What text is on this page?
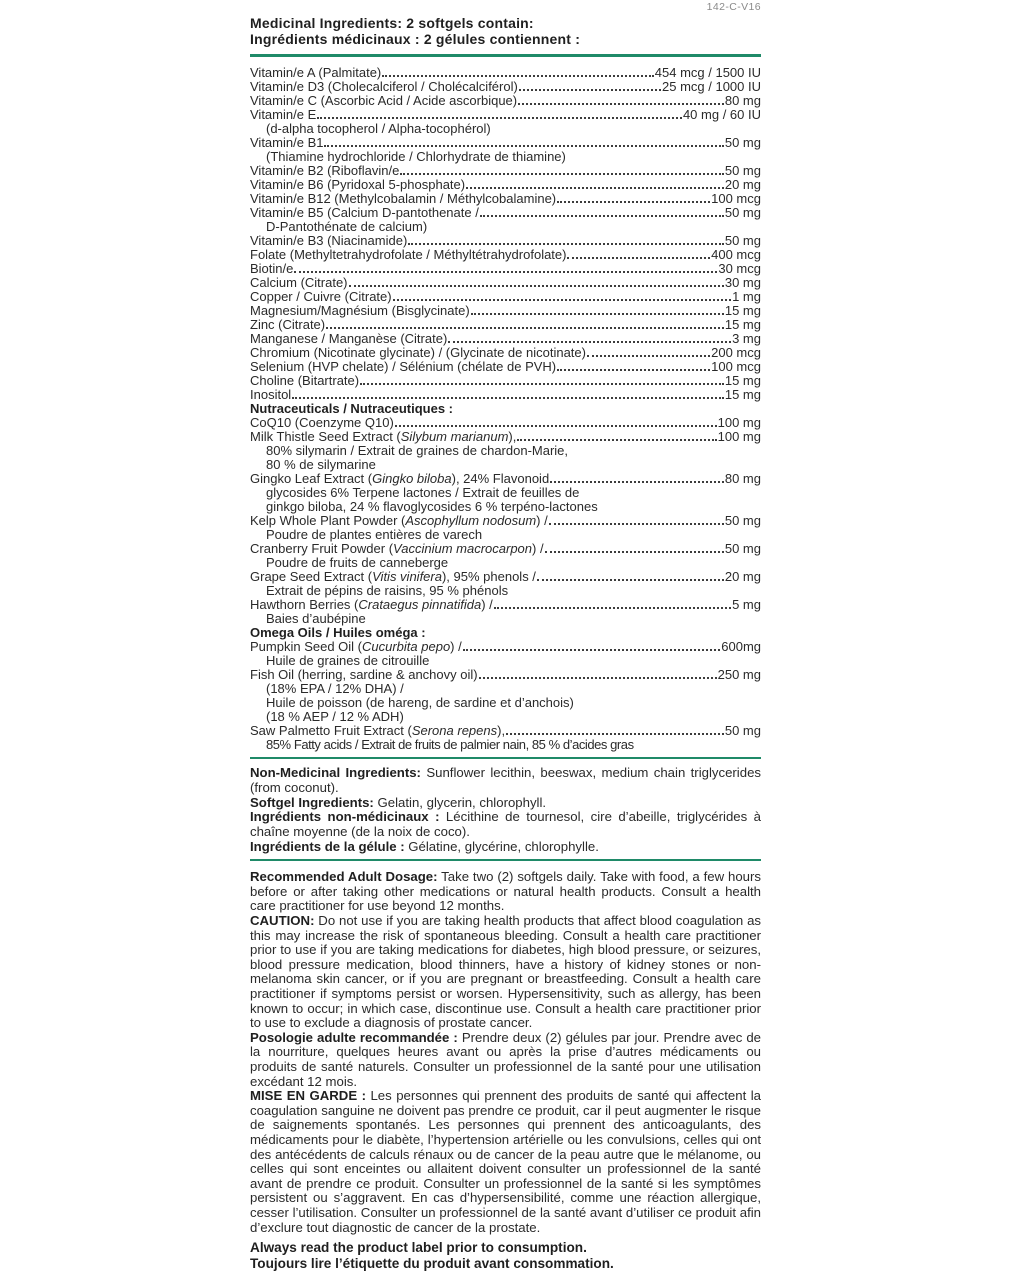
142-C-V16
Medicinal Ingredients: 2 softgels contain:
Ingrédients médicinaux : 2 gélules contiennent :
Vitamin/e A (Palmitate)	454 mcg / 1500 IU
Vitamin/e D3 (Cholecalciferol / Cholécalciférol)	25 mcg / 1000 IU
Vitamin/e C (Ascorbic Acid / Acide ascorbique)	80 mg
Vitamin/e E	40 mg / 60 IU
(d-alpha tocopherol / Alpha-tocophérol)
Vitamin/e B1	50 mg
(Thiamine hydrochloride / Chlorhydrate de thiamine)
Vitamin/e B2 (Riboflavin/e	50 mg
Vitamin/e B6 (Pyridoxal 5-phosphate)	20 mg
Vitamin/e B12 (Methylcobalamin / Méthylcobalamine)	100 mcg
Vitamin/e B5 (Calcium D-pantothenate /	50 mg
D-Pantothénate de calcium)
Vitamin/e B3 (Niacinamide)	50 mg
Folate (Methyltetrahydrofolate / Méthyltétrahydrofolate)	400 mcg
Biotin/e	30 mcg
Calcium (Citrate)	30 mg
Copper / Cuivre (Citrate)	1 mg
Magnesium/Magnésium (Bisglycinate)	15 mg
Zinc (Citrate)	15 mg
Manganese / Manganèse (Citrate)	3 mg
Chromium (Nicotinate glycinate) / (Glycinate de nicotinate)	200 mcg
Selenium (HVP chelate) / Sélénium (chélate de PVH)	100 mcg
Choline (Bitartrate)	15 mg
Inositol	15 mg
Nutraceuticals / Nutraceutiques :
CoQ10 (Coenzyme Q10)	100 mg
Milk Thistle Seed Extract (Silybum marianum),	100 mg
80% silymarin / Extrait de graines de chardon-Marie,
80 % de silymarine
Gingko Leaf Extract (Gingko biloba), 24% Flavonoid	80 mg
glycosides 6% Terpene lactones / Extrait de feuilles de
ginkgo biloba, 24 % flavoglycosides 6 % terpéno-lactones
Kelp Whole Plant Powder (Ascophyllum nodosum) /	50 mg
Poudre de plantes entières de varech
Cranberry Fruit Powder (Vaccinium macrocarpon) /	50 mg
Poudre de fruits de canneberge
Grape Seed Extract (Vitis vinifera), 95% phenols /	20 mg
Extrait de pépins de raisins, 95 % phénols
Hawthorn Berries (Crataegus pinnatifida) /	5 mg
Baies d’aubépine
Omega Oils / Huiles oméga :
Pumpkin Seed Oil (Cucurbita pepo) /	600mg
Huile de graines de citrouille
Fish Oil (herring, sardine & anchovy oil)	250 mg
(18% EPA / 12% DHA) /
Huile de poisson (de hareng, de sardine et d’anchois)
(18 % AEP / 12 % ADH)
Saw Palmetto Fruit Extract (Serona repens),	50 mg
85% Fatty acids / Extrait de fruits de palmier nain, 85 % d’acides gras

Non-Medicinal Ingredients: Sunflower lecithin, beeswax, medium chain triglycerides (from coconut).

Softgel Ingredients: Gelatin, glycerin, chlorophyll.

Ingrédients non-médicinaux : Lécithine de tournesol, cire d’abeille, triglycérides à chaîne moyenne (de la noix de coco).

Ingrédients de la gélule : Gélatine, glycérine, chlorophylle.

Recommended Adult Dosage: Take two (2) softgels daily. Take with food, a few hours before or after taking other medications or natural health products. Consult a health care practitioner for use beyond 12 months.

CAUTION: Do not use if you are taking health products that affect blood coagulation as this may increase the risk of spontaneous bleeding. Consult a health care practitioner prior to use if you are taking medications for diabetes, high blood pressure, or seizures, blood pressure medication, blood thinners, have a history of kidney stones or non-melanoma skin cancer, or if you are pregnant or breastfeeding. Consult a health care practitioner if symptoms persist or worsen. Hypersensitivity, such as allergy, has been known to occur; in which case, discontinue use. Consult a health care practitioner prior to use to exclude a diagnosis of prostate cancer.

Posologie adulte recommandée : Prendre deux (2) gélules par jour. Prendre avec de la nourriture, quelques heures avant ou après la prise d’autres médicaments ou produits de santé naturels. Consulter un professionnel de la santé pour une utilisation excédant 12 mois.

MISE EN GARDE : Les personnes qui prennent des produits de santé qui affectent la coagulation sanguine ne doivent pas prendre ce produit, car il peut augmenter le risque de saignements spontanés. Les personnes qui prennent des anticoagulants, des médicaments pour le diabète, l’hypertension artérielle ou les convulsions, celles qui ont des antécédents de calculs rénaux ou de cancer de la peau autre que le mélanome, ou celles qui sont enceintes ou allaitent doivent consulter un professionnel de la santé avant de prendre ce produit. Consulter un professionnel de la santé si les symptômes persistent ou s’aggravent. En cas d’hypersensibilité, comme une réaction allergique, cesser l’utilisation. Consulter un professionnel de la santé avant d’utiliser ce produit afin d’exclure tout diagnostic de cancer de la prostate.

Always read the product label prior to consumption.
Toujours lire l’étiquette du produit avant consommation.
